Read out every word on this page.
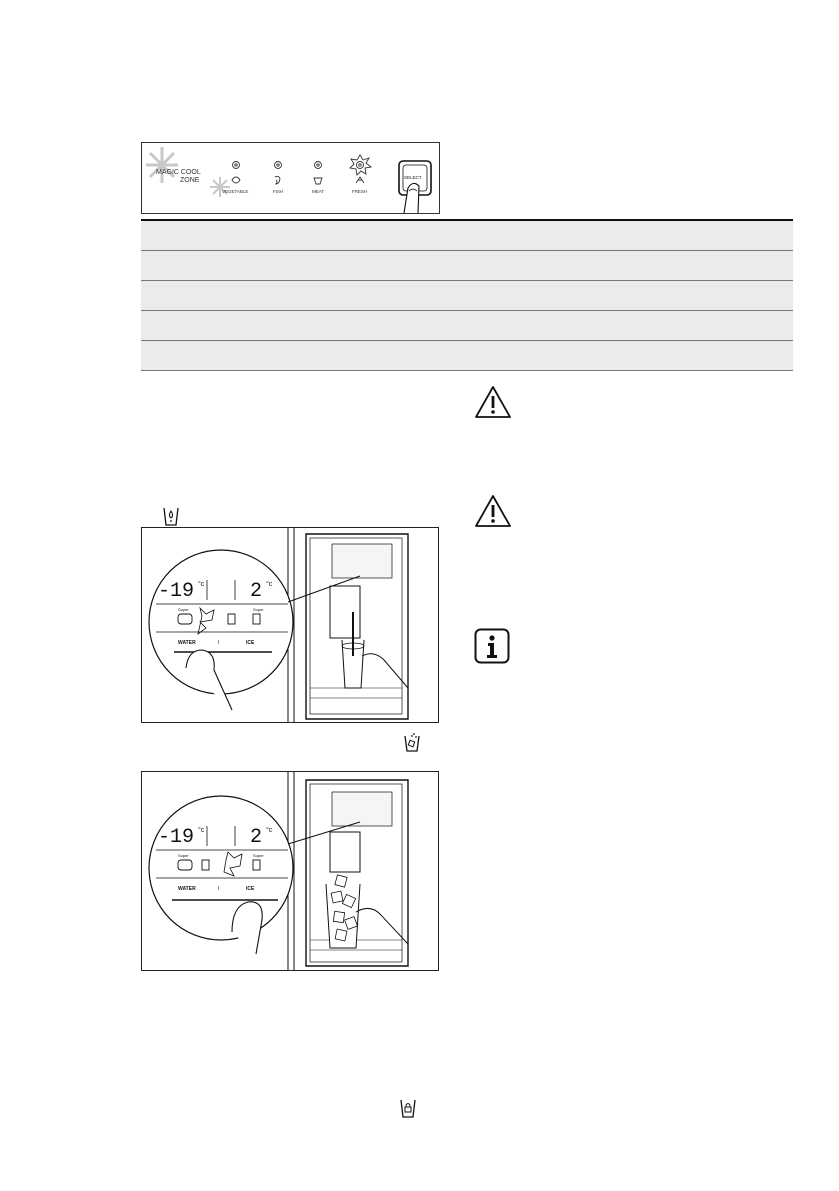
MAGIC COOL
ZONE
VEGETABLE	FISH	MEAT	FRESH
SELECT
-19 °c 2 °c
Super	Super
WATER	I	ICE
-19 °c 2 °c
Super	Super
WATER	I	ICE
